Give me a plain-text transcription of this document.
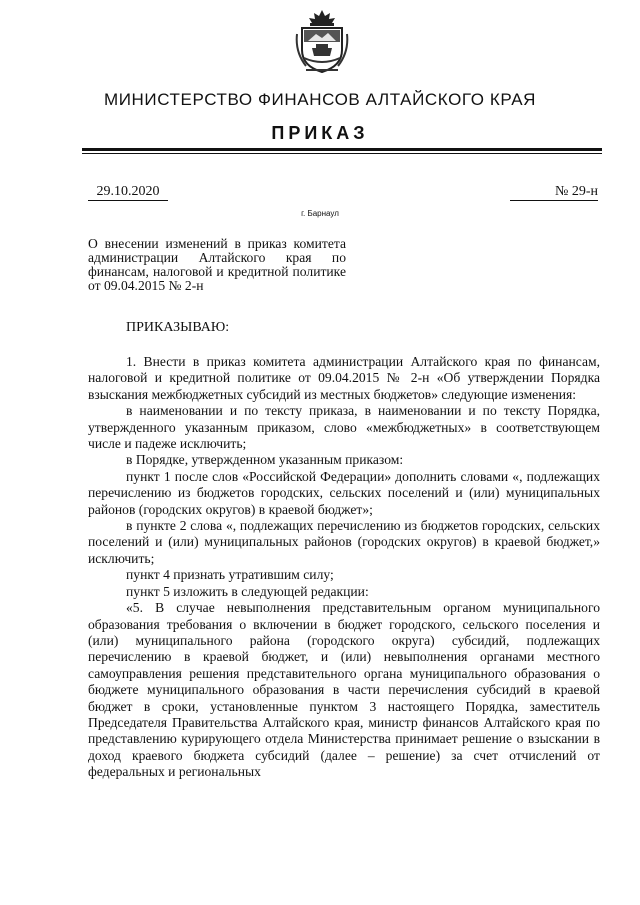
МИНИСТЕРСТВО ФИНАНСОВ АЛТАЙСКОГО КРАЯ
ПРИКАЗ
29.10.2020	№ 29-н
г. Барнаул
О внесении изменений в приказ комитета администрации Алтайского края по финансам, налоговой и кредитной политике от 09.04.2015 № 2-н
ПРИКАЗЫВАЮ:

1. Внести в приказ комитета администрации Алтайского края по финансам, налоговой и кредитной политике от 09.04.2015 № 2-н «Об утверждении Порядка взыскания межбюджетных субсидий из местных бюджетов» следующие изменения:

в наименовании и по тексту приказа, в наименовании и по тексту Порядка, утвержденного указанным приказом, слово «межбюджетных» в соответствующем числе и падеже исключить;

в Порядке, утвержденном указанным приказом:

пункт 1 после слов «Российской Федерации» дополнить словами «, подлежащих перечислению из бюджетов городских, сельских поселений и (или) муниципальных районов (городских округов) в краевой бюджет»;

в пункте 2 слова «, подлежащих перечислению из бюджетов городских, сельских поселений и (или) муниципальных районов (городских округов) в краевой бюджет,» исключить;

пункт 4 признать утратившим силу;

пункт 5 изложить в следующей редакции:

«5. В случае невыполнения представительным органом муниципального образования требования о включении в бюджет городского, сельского поселения и (или) муниципального района (городского округа) субсидий, подлежащих перечислению в краевой бюджет, и (или) невыполнения органами местного самоуправления решения представительного органа муниципального образования о бюджете муниципального образования в части перечисления субсидий в краевой бюджет в сроки, установленные пунктом 3 настоящего Порядка, заместитель Председателя Правительства Алтайского края, министр финансов Алтайского края по представлению курирующего отдела Министерства принимает решение о взыскании в доход краевого бюджета субсидий (далее – решение) за счет отчислений от федеральных и региональных
